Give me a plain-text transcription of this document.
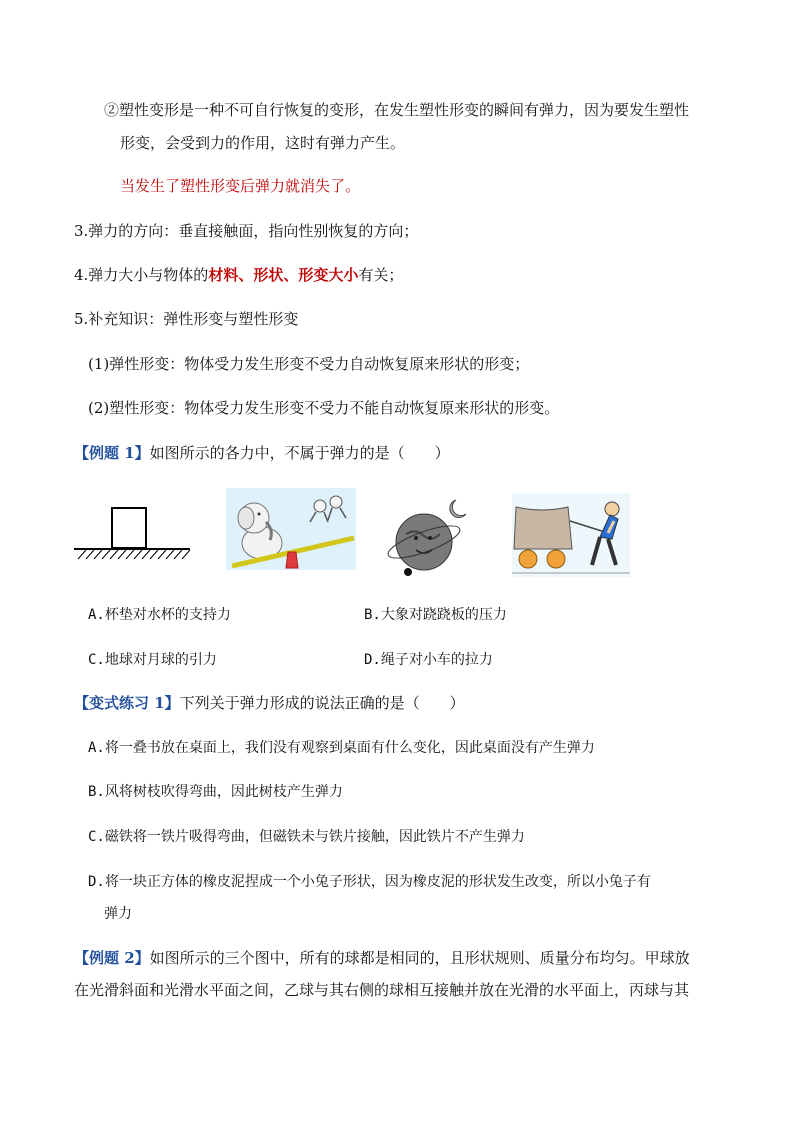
②塑性变形是一种不可自行恢复的变形，在发生塑性形变的瞬间有弹力，因为要发生塑性
形变，会受到力的作用，这时有弹力产生。
当发生了塑性形变后弹力就消失了。
3.弹力的方向：垂直接触面，指向性别恢复的方向；
4.弹力大小与物体的材料、形状、形变大小有关；
5.补充知识：弹性形变与塑性形变
(1)弹性形变：物体受力发生形变不受力自动恢复原来形状的形变；
(2)塑性形变：物体受力发生形变不受力不能自动恢复原来形状的形变。
【例题 1】如图所示的各力中，不属于弹力的是（　　）
A.杯垫对水杯的支持力	B.大象对跷跷板的压力
C.地球对月球的引力	D.绳子对小车的拉力
【变式练习 1】下列关于弹力形成的说法正确的是（　　）
A.将一叠书放在桌面上，我们没有观察到桌面有什么变化，因此桌面没有产生弹力
B.风将树枝吹得弯曲，因此树枝产生弹力
C.磁铁将一铁片吸得弯曲，但磁铁未与铁片接触，因此铁片不产生弹力
D.将一块正方体的橡皮泥捏成一个小兔子形状，因为橡皮泥的形状发生改变，所以小兔子有
弹力
【例题 2】如图所示的三个图中，所有的球都是相同的，且形状规则、质量分布均匀。甲球放
在光滑斜面和光滑水平面之间，乙球与其右侧的球相互接触并放在光滑的水平面上，丙球与其
